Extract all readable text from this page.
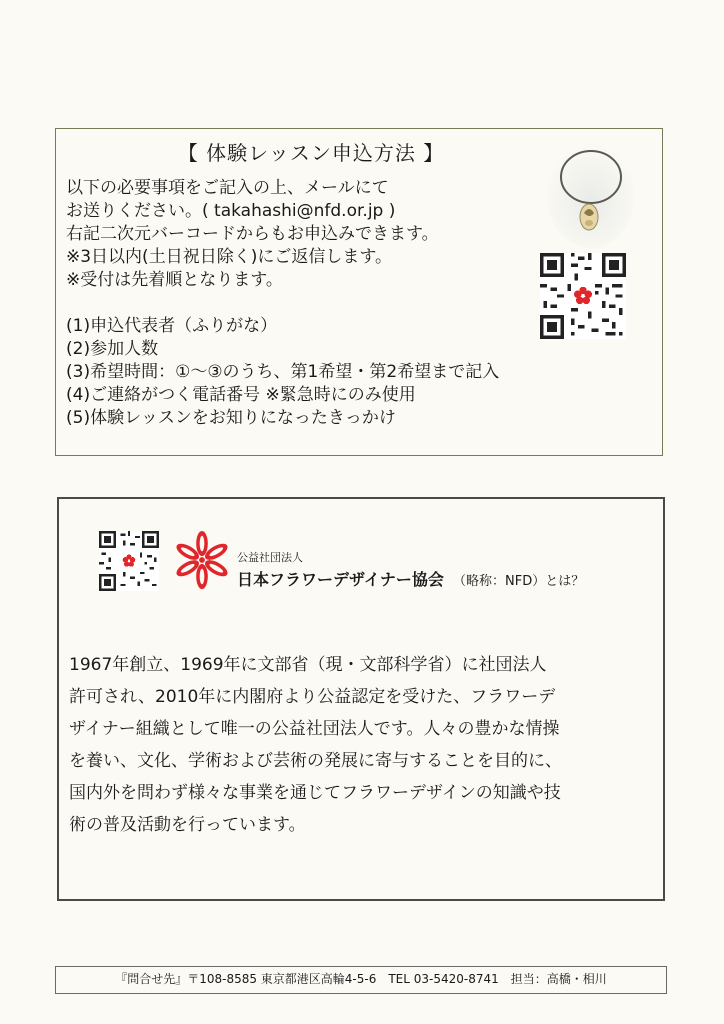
【 体験レッスン申込方法 】
以下の必要事項をご記入の上、メールにて
お送りください。( takahashi@nfd.or.jp )
右記二次元バーコードからもお申込みできます。
※3日以内(土日祝日除く)にご返信します。
※受付は先着順となります。
(1)申込代表者（ふりがな）
(2)参加人数
(3)希望時間：①〜③のうち、第1希望・第2希望まで記入
(4)ご連絡がつく電話番号 ※緊急時にのみ使用
(5)体験レッスンをお知りになったきっかけ
公益社団法人
日本フラワーデザイナー協会 （略称：NFD）とは？
1967年創立、1969年に文部省（現・文部科学省）に社団法人
許可され、2010年に内閣府より公益認定を受けた、フラワーデ
ザイナー組織として唯一の公益社団法人です。人々の豊かな情操
を養い、文化、学術および芸術の発展に寄与することを目的に、
国内外を問わず様々な事業を通じてフラワーデザインの知識や技
術の普及活動を行っています。
『問合せ先』〒108-8585 東京都港区高輪4-5-6　TEL 03-5420-8741　担当：高橋・相川
